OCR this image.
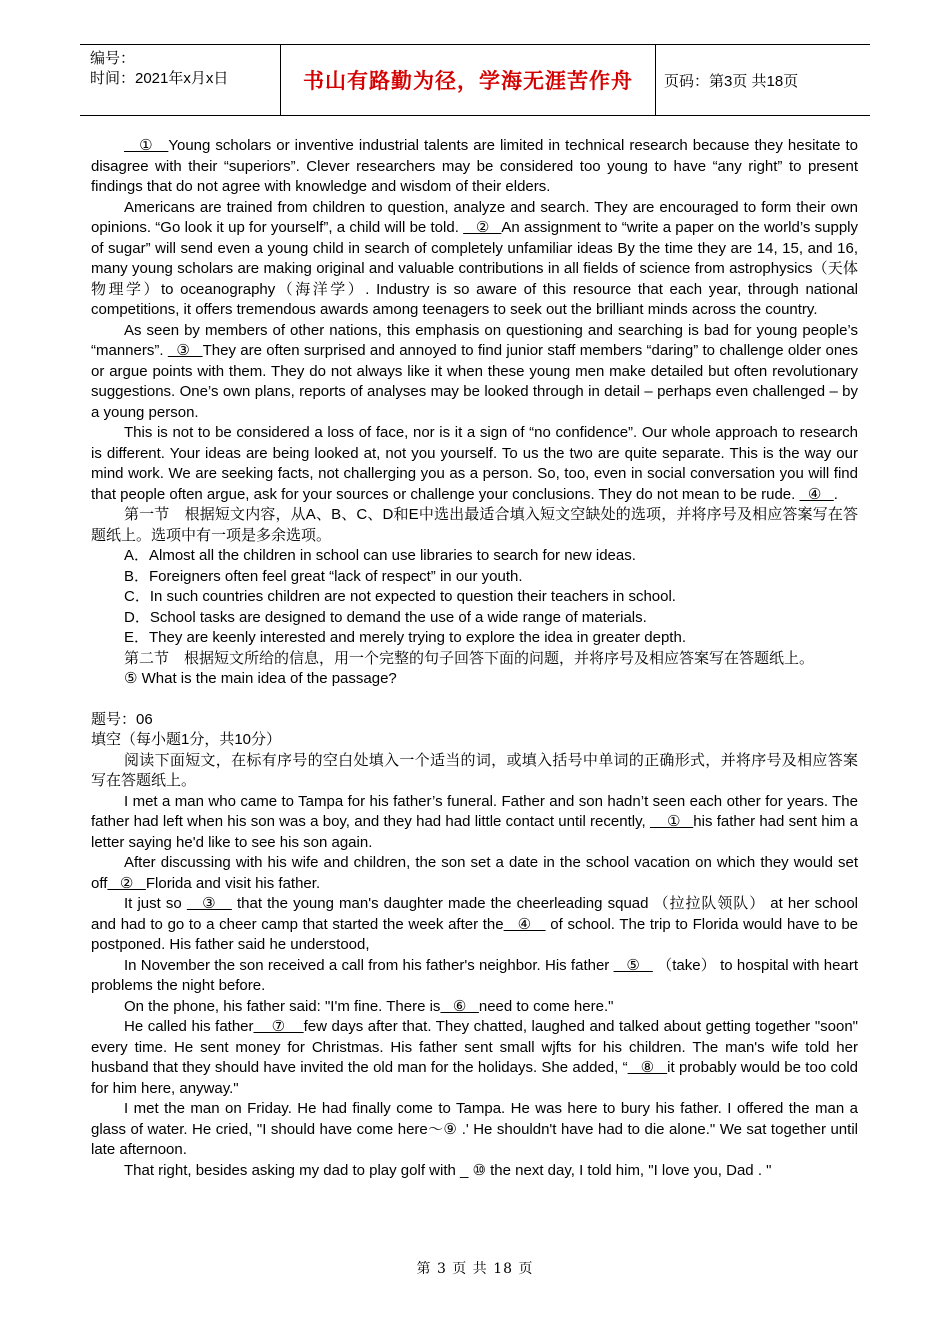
编号：
时间：2021年x月x日	书山有路勤为径，学海无涯苦作舟	页码：第3页 共18页
①   Young scholars or inventive industrial talents are limited in technical research because they hesitate to disagree with their “superiors”. Clever researchers may be considered too young to have “any right” to present findings that do not agree with knowledge and wisdom of their elders.
Americans are trained from children to question, analyze and search. They are encouraged to form their own opinions. “Go look it up for yourself”, a child will be told.    ②   An assignment to “write a paper on the world’s supply of sugar” will send even a young child in search of completely unfamiliar ideas By the time they are 14, 15, and 16, many young scholars are making original and valuable contributions in all fields of science from astrophysics（天体物理学）to oceanography（海洋学）. Industry is so aware of this resource that each year, through national competitions, it offers tremendous awards among teenagers to seek out the brilliant minds across the country.
As seen by members of other nations, this emphasis on questioning and searching is bad for young people’s “manners”.   ③   They are often surprised and annoyed to find junior staff members “daring” to challenge older ones or argue points with them. They do not always like it when these young men make detailed but often revolutionary suggestions. One’s own plans, reports of analyses may be looked through in detail – perhaps even challenged – by a young person.
This is not to be considered a loss of face, nor is it a sign of “no confidence”. Our whole approach to research is different. Your ideas are being looked at, not you yourself. To us the two are quite separate. This is the way our mind work. We are seeking facts, not challerging you as a person. So, too, even in social conversation you will find that people often argue, ask for your sources or challenge your conclusions. They do not mean to be rude.   ④   .
第一节　根据短文内容，从A、B、C、D和E中选出最适合填入短文空缺处的选项，并将序号及相应答案写在答题纸上。选项中有一项是多余选项。
A．Almost all the children in school can use libraries to search for new ideas.
B．Foreigners often feel great “lack of respect” in our youth.
C．In such countries children are not expected to question their teachers in school.
D．School tasks are designed to demand the use of a wide range of materials.
E．They are keenly interested and merely trying to explore the idea in greater depth.
第二节　根据短文所给的信息，用一个完整的句子回答下面的问题，并将序号及相应答案写在答题纸上。
⑤ What is the main idea of the passage?
题号：06
填空（每小题1分，共10分）
阅读下面短文，在标有序号的空白处填入一个适当的词，或填入括号中单词的正确形式，并将序号及相应答案写在答题纸上。
I met a man who came to Tampa for his father’s funeral. Father and son hadn’t seen each other for years. The father had left when his son was a boy, and they had had little contact until recently,     ①   his father had sent him a letter saying he'd like to see his son again.
After discussing with his wife and children, the son set a date in the school vacation on which they would set off   ②   Florida and visit his father.
It just so    ③    that the young man's daughter made the cheerleading squad （拉拉队领队） at her school and had to go to a cheer camp that started the week after the   ④    of school. The trip to Florida would have to be postponed. His father said he understood,
In November the son received a call from his father's neighbor. His father    ⑤    （take） to hospital with heart problems the night before.
On the phone, his father said: "I'm fine. There is   ⑥   need to come here."
He called his father    ⑦    few days after that. They chatted, laughed and talked about getting together "soon" every time. He sent money for Christmas. His father sent small wjfts for his children. The man's wife told her husband that they should have invited the old man for the holidays. She added, “   ⑧   it probably would be too cold for him here, anyway."
I met the man on Friday. He had finally come to Tampa. He was here to bury his father. I offered the man a glass of water. He cried, "I should have come here～⑨ .' He shouldn't have had to die alone." We sat together until late afternoon.
That right, besides asking my dad to play golf with _ ⑩ the next day, I told him, "I love you, Dad . "
第 3 页 共 18 页
